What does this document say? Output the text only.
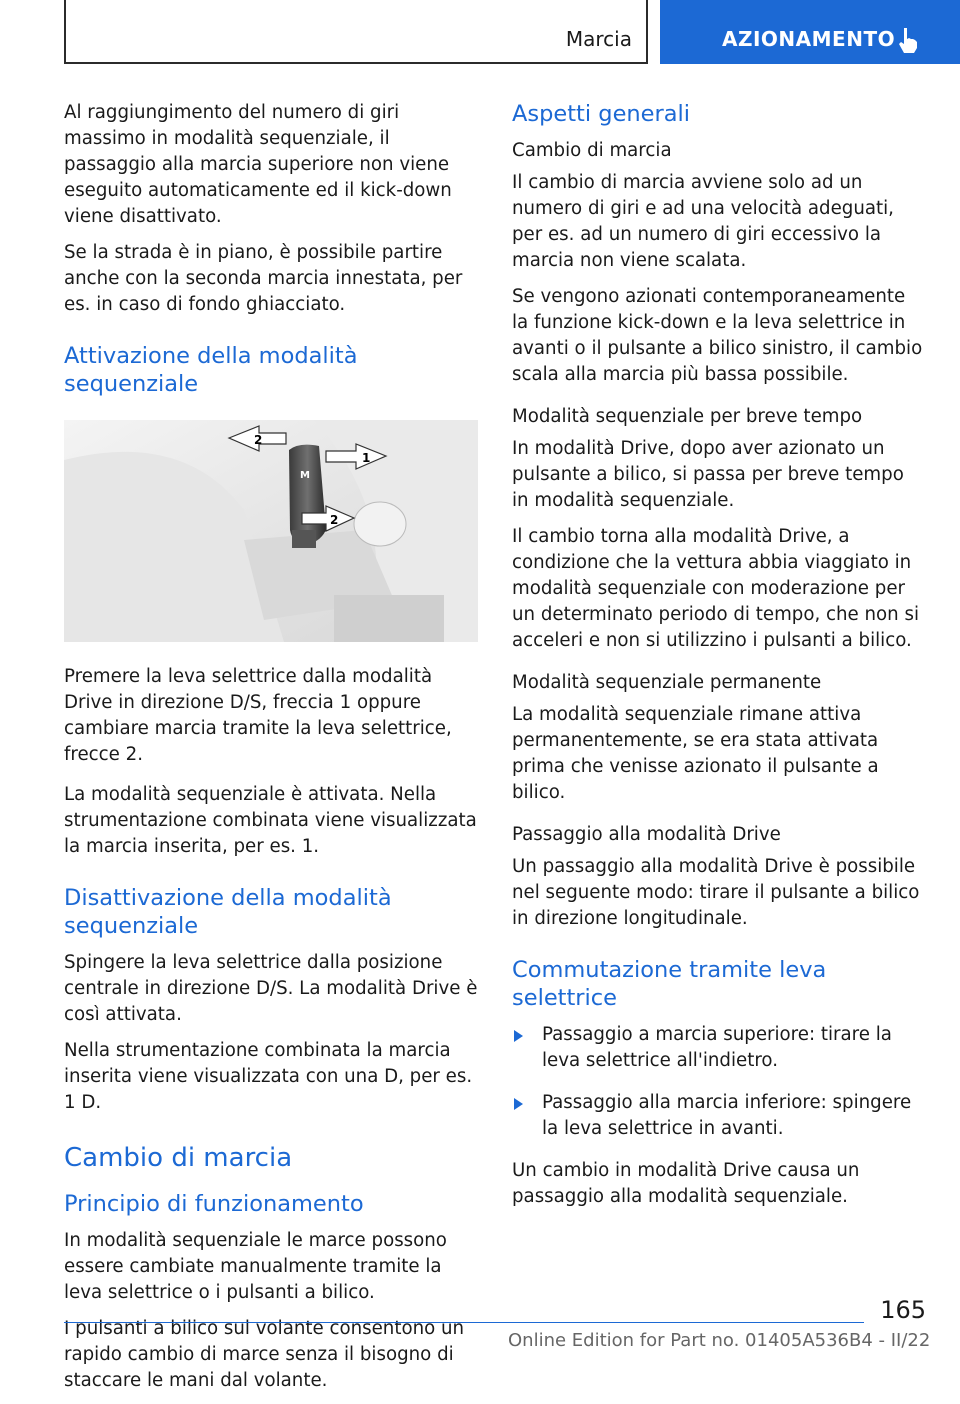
Marcia	AZIONAMENTO

Al raggiungimento del numero di giri massimo in modalità sequenziale, il passaggio alla marcia superiore non viene eseguito automaticamente ed il kick-down viene disattivato.

Se la strada è in piano, è possibile partire anche con la seconda marcia innestata, per es. in caso di fondo ghiacciato.

Attivazione della modalità sequenziale
M
2
1
2

Premere la leva selettrice dalla modalità Drive in direzione D/S, freccia 1 oppure cambiare marcia tramite la leva selettrice, frecce 2.

La modalità sequenziale è attivata. Nella strumentazione combinata viene visualizzata la marcia inserita, per es. 1.

Disattivazione della modalità sequenziale

Spingere la leva selettrice dalla posizione centrale in direzione D/S. La modalità Drive è così attivata.

Nella strumentazione combinata la marcia inserita viene visualizzata con una D, per es. 1 D.

Cambio di marcia
Principio di funzionamento

In modalità sequenziale le marce possono essere cambiate manualmente tramite la leva selettrice o i pulsanti a bilico.

I pulsanti a bilico sul volante consentono un rapido cambio di marce senza il bisogno di staccare le mani dal volante.

Aspetti generali
Cambio di marcia

Il cambio di marcia avviene solo ad un numero di giri e ad una velocità adeguati, per es. ad un numero di giri eccessivo la marcia non viene scalata.

Se vengono azionati contemporaneamente la funzione kick-down e la leva selettrice in avanti o il pulsante a bilico sinistro, il cambio scala alla marcia più bassa possibile.

Modalità sequenziale per breve tempo

In modalità Drive, dopo aver azionato un pulsante a bilico, si passa per breve tempo in modalità sequenziale.

Il cambio torna alla modalità Drive, a condizione che la vettura abbia viaggiato in modalità sequenziale con moderazione per un determinato periodo di tempo, che non si acceleri e non si utilizzino i pulsanti a bilico.

Modalità sequenziale permanente

La modalità sequenziale rimane attiva permanentemente, se era stata attivata prima che venisse azionato il pulsante a bilico.

Passaggio alla modalità Drive

Un passaggio alla modalità Drive è possibile nel seguente modo: tirare il pulsante a bilico in direzione longitudinale.

Commutazione tramite leva selettrice
Passaggio a marcia superiore: tirare la leva selettrice all'indietro.
Passaggio alla marcia inferiore: spingere la leva selettrice in avanti.

Un cambio in modalità Drive causa un passaggio alla modalità sequenziale.

165
Online Edition for Part no. 01405A536B4 - II/22
